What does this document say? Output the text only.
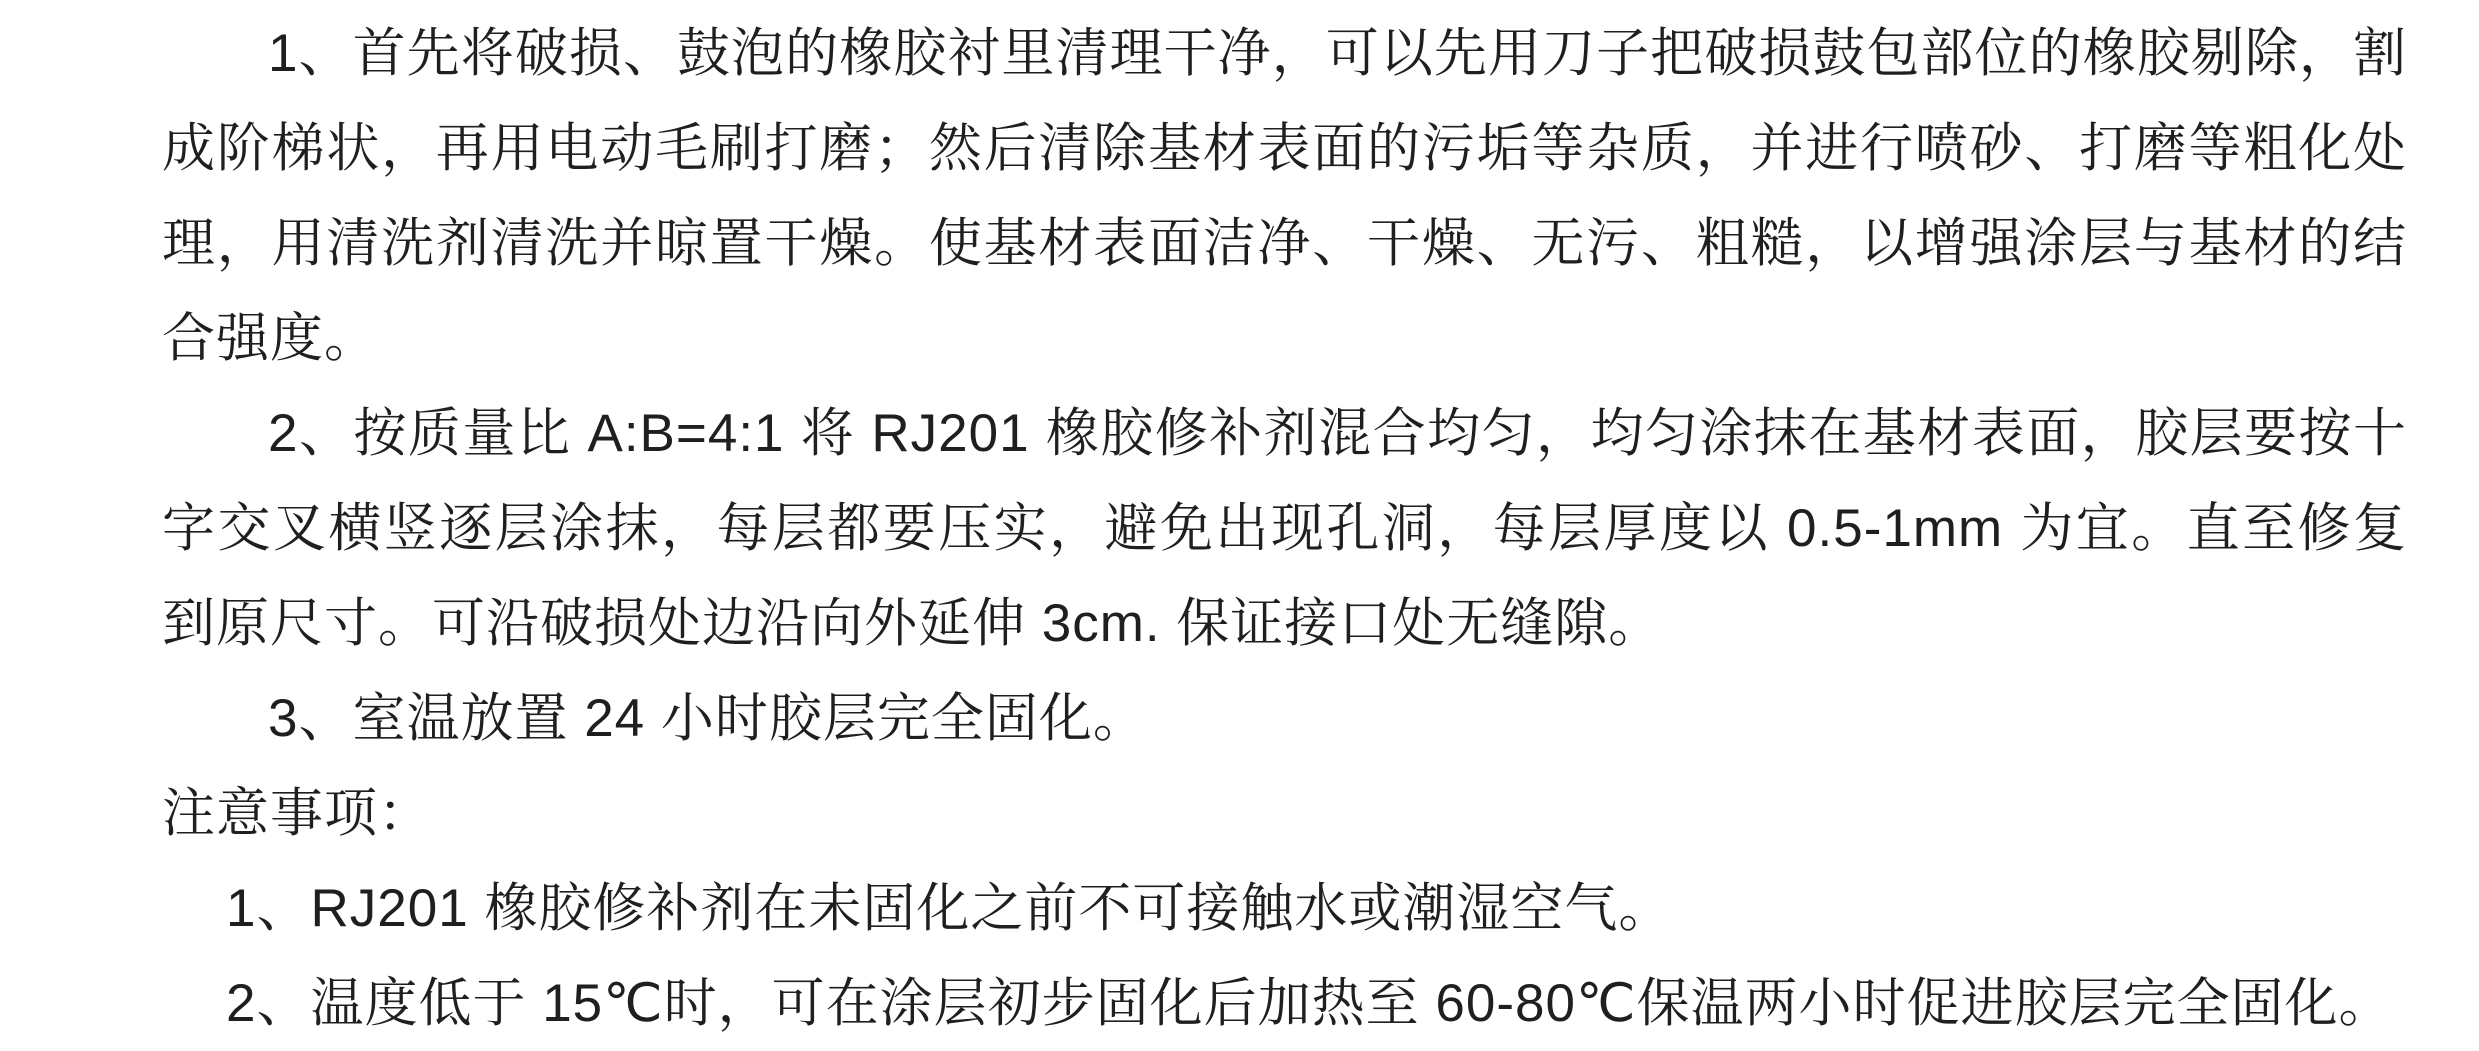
1、首先将破损、鼓泡的橡胶衬里清理干净，可以先用刀子把破损鼓包部位的橡胶剔除，割成阶梯状，再用电动毛刷打磨；然后清除基材表面的污垢等杂质，并进行喷砂、打磨等粗化处理，用清洗剂清洗并晾置干燥。使基材表面洁净、干燥、无污、粗糙，以增强涂层与基材的结合强度。

2、按质量比 A:B=4:1 将 RJ201 橡胶修补剂混合均匀，均匀涂抹在基材表面，胶层要按十字交叉横竖逐层涂抹，每层都要压实，避免出现孔洞，每层厚度以 0.5-1mm 为宜。直至修复到原尺寸。可沿破损处边沿向外延伸 3cm. 保证接口处无缝隙。

3、室温放置 24 小时胶层完全固化。

注意事项：

1、RJ201 橡胶修补剂在未固化之前不可接触水或潮湿空气。

2、温度低于 15℃时，可在涂层初步固化后加热至 60-80℃保温两小时促进胶层完全固化。
